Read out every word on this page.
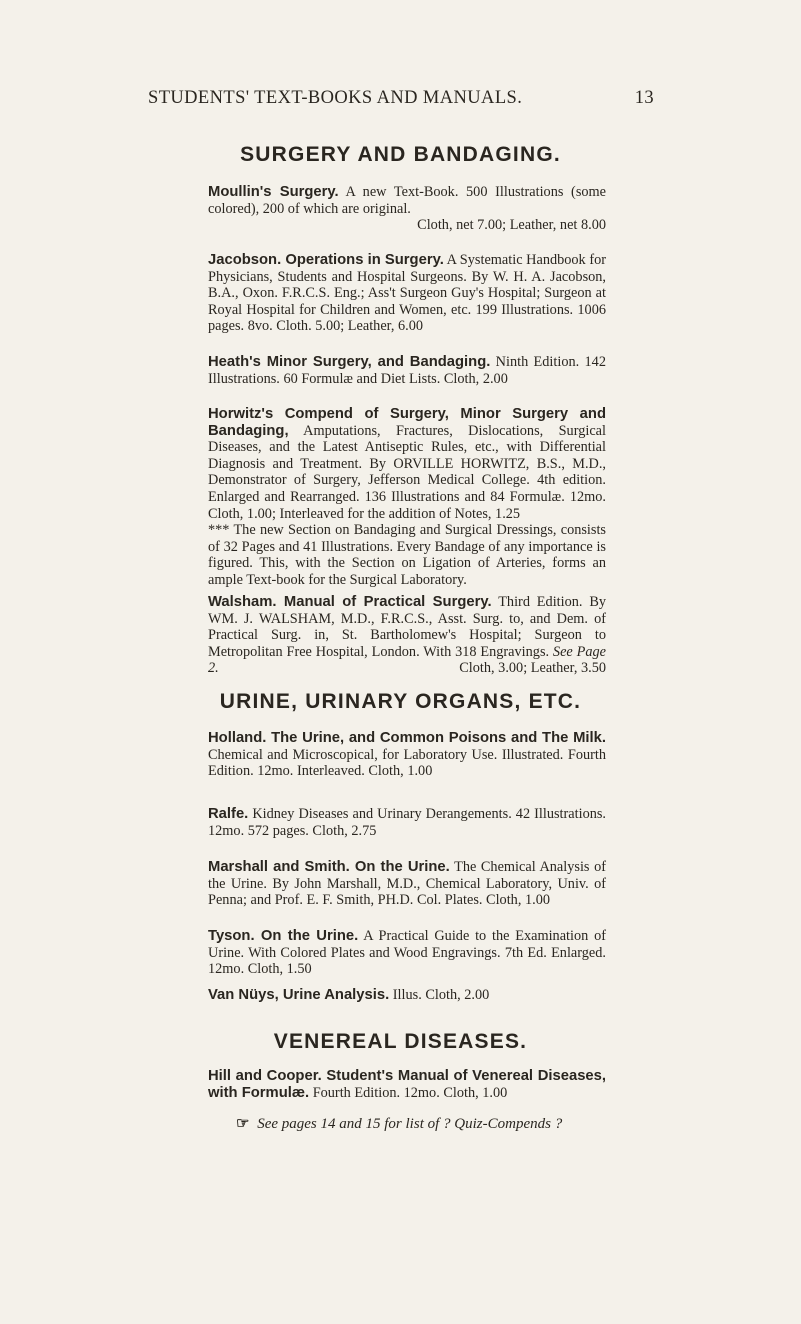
STUDENTS' TEXT-BOOKS AND MANUALS.	13
SURGERY AND BANDAGING.
Moullin's Surgery. A new Text-Book. 500 Illustrations (some colored), 200 of which are original.
Cloth, net 7.00; Leather, net 8.00
Jacobson. Operations in Surgery. A Systematic Handbook for Physicians, Students and Hospital Surgeons. By W. H. A. Jacobson, B.A., Oxon. F.R.C.S. Eng.; Ass't Surgeon Guy's Hospital; Surgeon at Royal Hospital for Children and Women, etc. 199 Illustrations. 1006 pages. 8vo. Cloth. 5.00; Leather, 6.00
Heath's Minor Surgery, and Bandaging. Ninth Edition. 142 Illustrations. 60 Formulæ and Diet Lists. Cloth, 2.00
Horwitz's Compend of Surgery, Minor Surgery and Bandaging, Amputations, Fractures, Dislocations, Surgical Diseases, and the Latest Antiseptic Rules, etc., with Differential Diagnosis and Treatment. By ORVILLE HORWITZ, B.S., M.D., Demonstrator of Surgery, Jefferson Medical College. 4th edition. Enlarged and Rearranged. 136 Illustrations and 84 Formulæ. 12mo. Cloth, 1.00; Interleaved for the addition of Notes, 1.25
*** The new Section on Bandaging and Surgical Dressings, consists of 32 Pages and 41 Illustrations. Every Bandage of any importance is figured. This, with the Section on Ligation of Arteries, forms an ample Text-book for the Surgical Laboratory.
Walsham. Manual of Practical Surgery. Third Edition. By WM. J. WALSHAM, M.D., F.R.C.S., Asst. Surg. to, and Dem. of Practical Surg. in, St. Bartholomew's Hospital; Surgeon to Metropolitan Free Hospital, London. With 318 Engravings. See Page 2.	Cloth, 3.00; Leather, 3.50
URINE, URINARY ORGANS, ETC.
Holland. The Urine, and Common Poisons and The Milk. Chemical and Microscopical, for Laboratory Use. Illustrated. Fourth Edition. 12mo. Interleaved. Cloth, 1.00
Ralfe. Kidney Diseases and Urinary Derangements. 42 Illustrations. 12mo. 572 pages. Cloth, 2.75
Marshall and Smith. On the Urine. The Chemical Analysis of the Urine. By John Marshall, M.D., Chemical Laboratory, Univ. of Penna; and Prof. E. F. Smith, PH.D. Col. Plates. Cloth, 1.00
Tyson. On the Urine. A Practical Guide to the Examination of Urine. With Colored Plates and Wood Engravings. 7th Ed. Enlarged. 12mo. Cloth, 1.50
Van Nüys, Urine Analysis. Illus. Cloth, 2.00
VENEREAL DISEASES.
Hill and Cooper. Student's Manual of Venereal Diseases, with Formulæ. Fourth Edition. 12mo. Cloth, 1.00
☞ See pages 14 and 15 for list of ? Quiz-Compends ?
